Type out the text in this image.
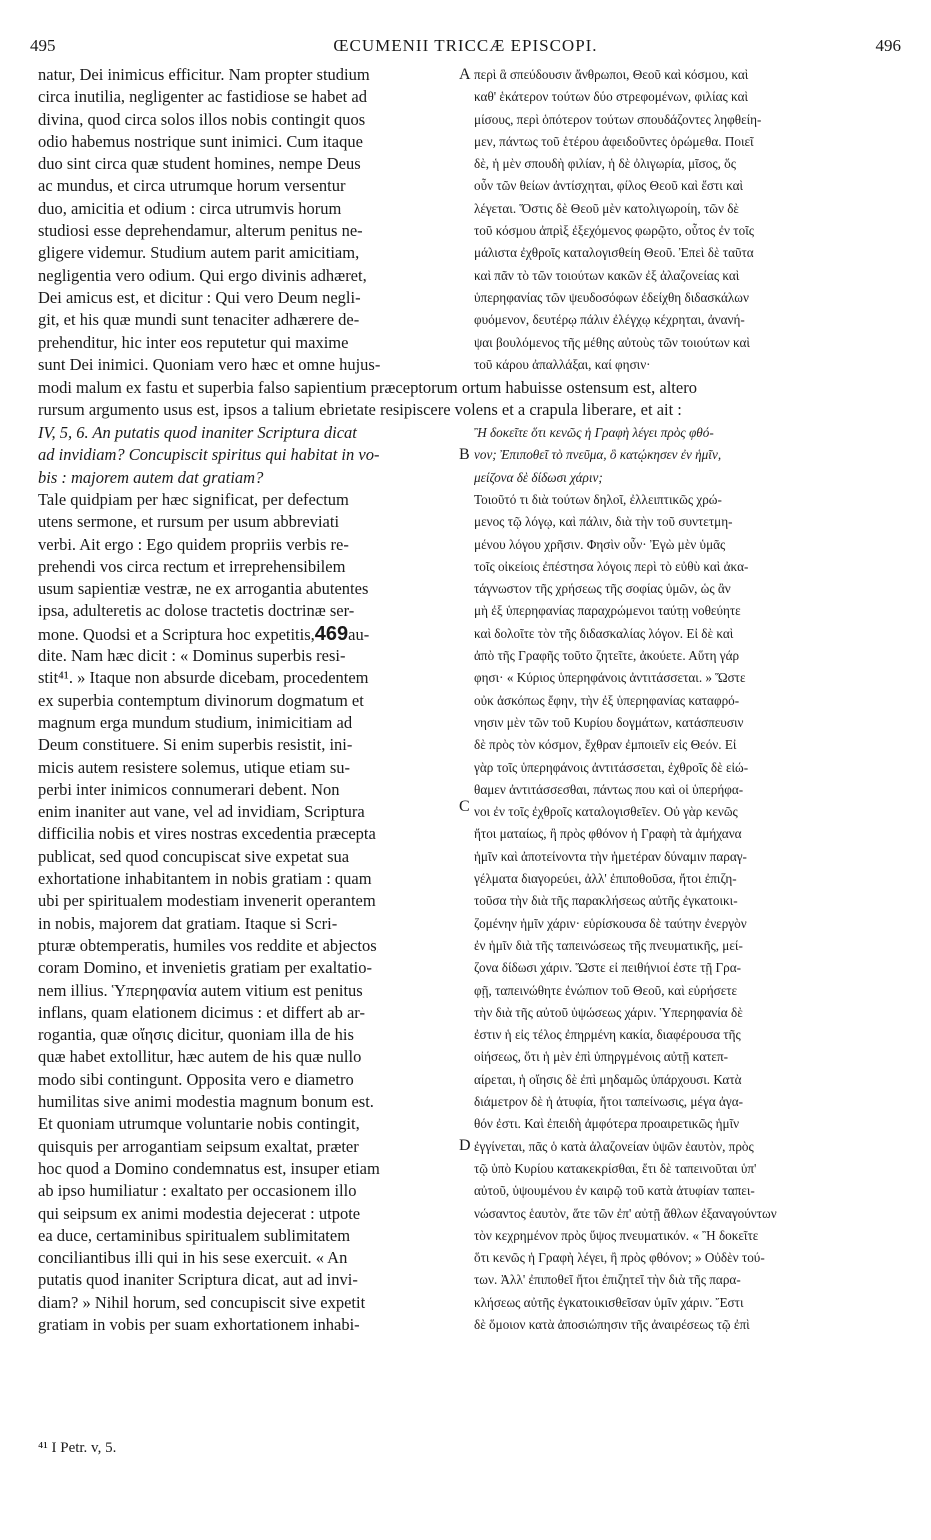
495	ŒCUMENII TRICCÆ EPISCOPI.	496
A
B
C
D
natur, Dei inimicus efficitur. Nam propter studium
circa inutilia, negligenter ac fastidiose se habet ad
divina, quod circa solos illos nobis contingit quos
odio habemus nostrique sunt inimici. Cum itaque
duo sint circa quæ student homines, nempe Deus
ac mundus, et circa utrumque horum versentur
duo, amicitia et odium : circa utrumvis horum
studiosi esse deprehendamur, alterum penitus ne-
gligere videmur. Studium autem parit amicitiam,
negligentia vero odium. Qui ergo divinis adhæret,
Dei amicus est, et dicitur : Qui vero Deum negli-
git, et his quæ mundi sunt tenaciter adhærere de-
prehenditur, hic inter eos reputetur qui maxime
sunt Dei inimici. Quoniam vero hæc et omne hujus-
περὶ ἃ σπεύδουσιν ἄνθρωποι, Θεοῦ καὶ κόσμου, καὶ
καθ' ἑκάτερον τούτων δύο στρεφομένων, φιλίας καὶ
μίσους, περὶ ὁπότερον τούτων σπουδάζοντες ληφθείη-
μεν, πάντως τοῦ ἑτέρου ἀφειδοῦντες ὁρώμεθα. Ποιεῖ
δὲ, ἡ μὲν σπουδὴ φιλίαν, ἡ δὲ ὀλιγωρία, μῖσος, ὅς
οὖν τῶν θείων ἀντίσχηται, φίλος Θεοῦ καὶ ἔστι καὶ
λέγεται. Ὅστις δὲ Θεοῦ μὲν κατολιγωροίη, τῶν δὲ
τοῦ κόσμου ἀπρὶξ ἐξεχόμενος φωρῷτο, οὗτος ἐν τοῖς
μάλιστα ἐχθροῖς καταλογισθείη Θεοῦ. Ἐπεὶ δὲ ταῦτα
καὶ πᾶν τὸ τῶν τοιούτων κακῶν ἐξ ἀλαζονείας καὶ
ὑπερηφανίας τῶν ψευδοσόφων ἐδείχθη διδασκάλων
φυόμενον, δευτέρῳ πάλιν ἐλέγχῳ κέχρηται, ἀνανή-
ψαι βουλόμενος τῆς μέθης αὐτοὺς τῶν τοιούτων καὶ
τοῦ κάρου ἀπαλλάξαι, καί φησιν·
modi malum ex fastu et superbia falso sapientium præceptorum ortum habuisse ostensum est, altero
rursum argumento usus est, ipsos a talium ebrietate resipiscere volens et a crapula liberare, et ait :
IV, 5, 6. An putatis quod inaniter Scriptura dicat
ad invidiam? Concupiscit spiritus qui habitat in vo-
bis : majorem autem dat gratiam?
Ἢ δοκεῖτε ὅτι κενῶς ἡ Γραφὴ λέγει πρὸς φθό-
νον; Ἐπιποθεῖ τὸ πνεῦμα, ὃ κατῴκησεν ἐν ἡμῖν,
μείζονα δὲ δίδωσι χάριν;
Tale quidpiam per hæc significat, per defectum
utens sermone, et rursum per usum abbreviati
verbi. Ait ergo : Ego quidem propriis verbis re-
prehendi vos circa rectum et irreprehensibilem
usum sapientiæ vestræ, ne ex arrogantia abutentes
ipsa, adulteretis ac dolose tractetis doctrinæ ser-
mone. Quodsi et a Scriptura hoc expetitis,469au-
dite. Nam hæc dicit : « Dominus superbis resi-
stit⁴¹. » Itaque non absurde dicebam, procedentem
ex superbia contemptum divinorum dogmatum et
magnum erga mundum studium, inimicitiam ad
Deum constituere. Si enim superbis resistit, ini-
micis autem resistere solemus, utique etiam su-
perbi inter inimicos connumerari debent. Non
enim inaniter aut vane, vel ad invidiam, Scriptura
difficilia nobis et vires nostras excedentia præcepta
publicat, sed quod concupiscat sive expetat sua
exhortatione inhabitantem in nobis gratiam : quam
ubi per spiritualem modestiam invenerit operantem
in nobis, majorem dat gratiam. Itaque si Scri-
pturæ obtemperatis, humiles vos reddite et abjectos
coram Domino, et invenietis gratiam per exaltatio-
nem illius. Ὑπερηφανία autem vitium est penitus
inflans, quam elationem dicimus : et differt ab ar-
rogantia, quæ οἴησις dicitur, quoniam illa de his
quæ habet extollitur, hæc autem de his quæ nullo
modo sibi contingunt. Opposita vero e diametro
humilitas sive animi modestia magnum bonum est.
Et quoniam utrumque voluntarie nobis contingit,
quisquis per arrogantiam seipsum exaltat, præter
hoc quod a Domino condemnatus est, insuper etiam
ab ipso humiliatur : exaltato per occasionem illo
qui seipsum ex animi modestia dejecerat : utpote
ea duce, certaminibus spiritualem sublimitatem
conciliantibus illi qui in his sese exercuit. « An
putatis quod inaniter Scriptura dicat, aut ad invi-
diam? » Nihil horum, sed concupiscit sive expetit
gratiam in vobis per suam exhortationem inhabi-
Τοιοῦτό τι διὰ τούτων δηλοῖ, ἐλλειπτικῶς χρώ-
μενος τῷ λόγῳ, καὶ πάλιν, διὰ τὴν τοῦ συντετμη-
μένου λόγου χρῆσιν. Φησὶν οὖν· Ἐγὼ μὲν ὑμᾶς
τοῖς οἰκείοις ἐπέστησα λόγοις περὶ τὸ εὐθὺ καὶ ἀκα-
τάγνωστον τῆς χρήσεως τῆς σοφίας ὑμῶν, ὡς ἂν
μὴ ἐξ ὑπερηφανίας παραχρώμενοι ταύτῃ νοθεύητε
καὶ δολοῖτε τὸν τῆς διδασκαλίας λόγον. Εἰ δὲ καὶ
ἀπὸ τῆς Γραφῆς τοῦτο ζητεῖτε, ἀκούετε. Αὕτη γάρ
φησι· « Κύριος ὑπερηφάνοις ἀντιτάσσεται. » Ὥστε
οὐκ ἀσκόπως ἔφην, τὴν ἐξ ὑπερηφανίας καταφρό-
νησιν μὲν τῶν τοῦ Κυρίου δογμάτων, κατάσπευσιν
δὲ πρὸς τὸν κόσμον, ἔχθραν ἐμποιεῖν εἰς Θεόν. Εἰ
γὰρ τοῖς ὑπερηφάνοις ἀντιτάσσεται, ἐχθροῖς δὲ εἰώ-
θαμεν ἀντιτάσσεσθαι, πάντως που καὶ οἱ ὑπερήφα-
νοι ἐν τοῖς ἐχθροῖς καταλογισθεῖεν. Οὐ γὰρ κενῶς
ἤτοι ματαίως, ἢ πρὸς φθόνον ἡ Γραφὴ τὰ ἀμήχανα
ἡμῖν καὶ ἀποτείνοντα τὴν ἡμετέραν δύναμιν παραγ-
γέλματα διαγορεύει, ἀλλ' ἐπιποθοῦσα, ἤτοι ἐπιζη-
τοῦσα τὴν διὰ τῆς παρακλήσεως αὐτῆς ἐγκατοικι-
ζομένην ἡμῖν χάριν· εὑρίσκουσα δὲ ταύτην ἐνεργὸν
ἐν ἡμῖν διὰ τῆς ταπεινώσεως τῆς πνευματικῆς, μεί-
ζονα δίδωσι χάριν. Ὥστε εἰ πειθήνιοί ἐστε τῇ Γρα-
φῇ, ταπεινώθητε ἐνώπιον τοῦ Θεοῦ, καὶ εὑρήσετε
τὴν διὰ τῆς αὐτοῦ ὑψώσεως χάριν. Ὑπερηφανία δὲ
ἐστιν ἡ εἰς τέλος ἐπηρμένη κακία, διαφέρουσα τῆς
οἰήσεως, ὅτι ἡ μὲν ἐπὶ ὑπηργμένοις αὐτῇ κατεπ-
αίρεται, ἡ οἴησις δὲ ἐπὶ μηδαμῶς ὑπάρχουσι. Κατὰ
διάμετρον δὲ ἡ ἀτυφία, ἤτοι ταπείνωσις, μέγα ἀγα-
θόν ἐστι. Καὶ ἐπειδὴ ἀμφότερα προαιρετικῶς ἡμῖν
ἐγγίνεται, πᾶς ὁ κατὰ ἀλαζονείαν ὑψῶν ἑαυτὸν, πρὸς
τῷ ὑπὸ Κυρίου κατακεκρίσθαι, ἔτι δὲ ταπεινοῦται ὑπ'
αὐτοῦ, ὑψουμένου ἐν καιρῷ τοῦ κατὰ ἀτυφίαν ταπει-
νώσαντος ἑαυτὸν, ἅτε τῶν ἐπ' αὐτῇ ἄθλων ἐξαναγούντων
τὸν κεχρημένον πρὸς ὕψος πνευματικόν. « Ἢ δοκεῖτε
ὅτι κενῶς ἡ Γραφὴ λέγει, ἢ πρὸς φθόνον; » Οὐδὲν τού-
των. Ἀλλ' ἐπιποθεῖ ἤτοι ἐπιζητεῖ τὴν διὰ τῆς παρα-
κλήσεως αὐτῆς ἐγκατοικισθεῖσαν ὑμῖν χάριν. Ἔστι
δὲ ὅμοιον κατὰ ἀποσιώπησιν τῆς ἀναιρέσεως τῷ ἐπὶ
⁴¹ I Petr. v, 5.
